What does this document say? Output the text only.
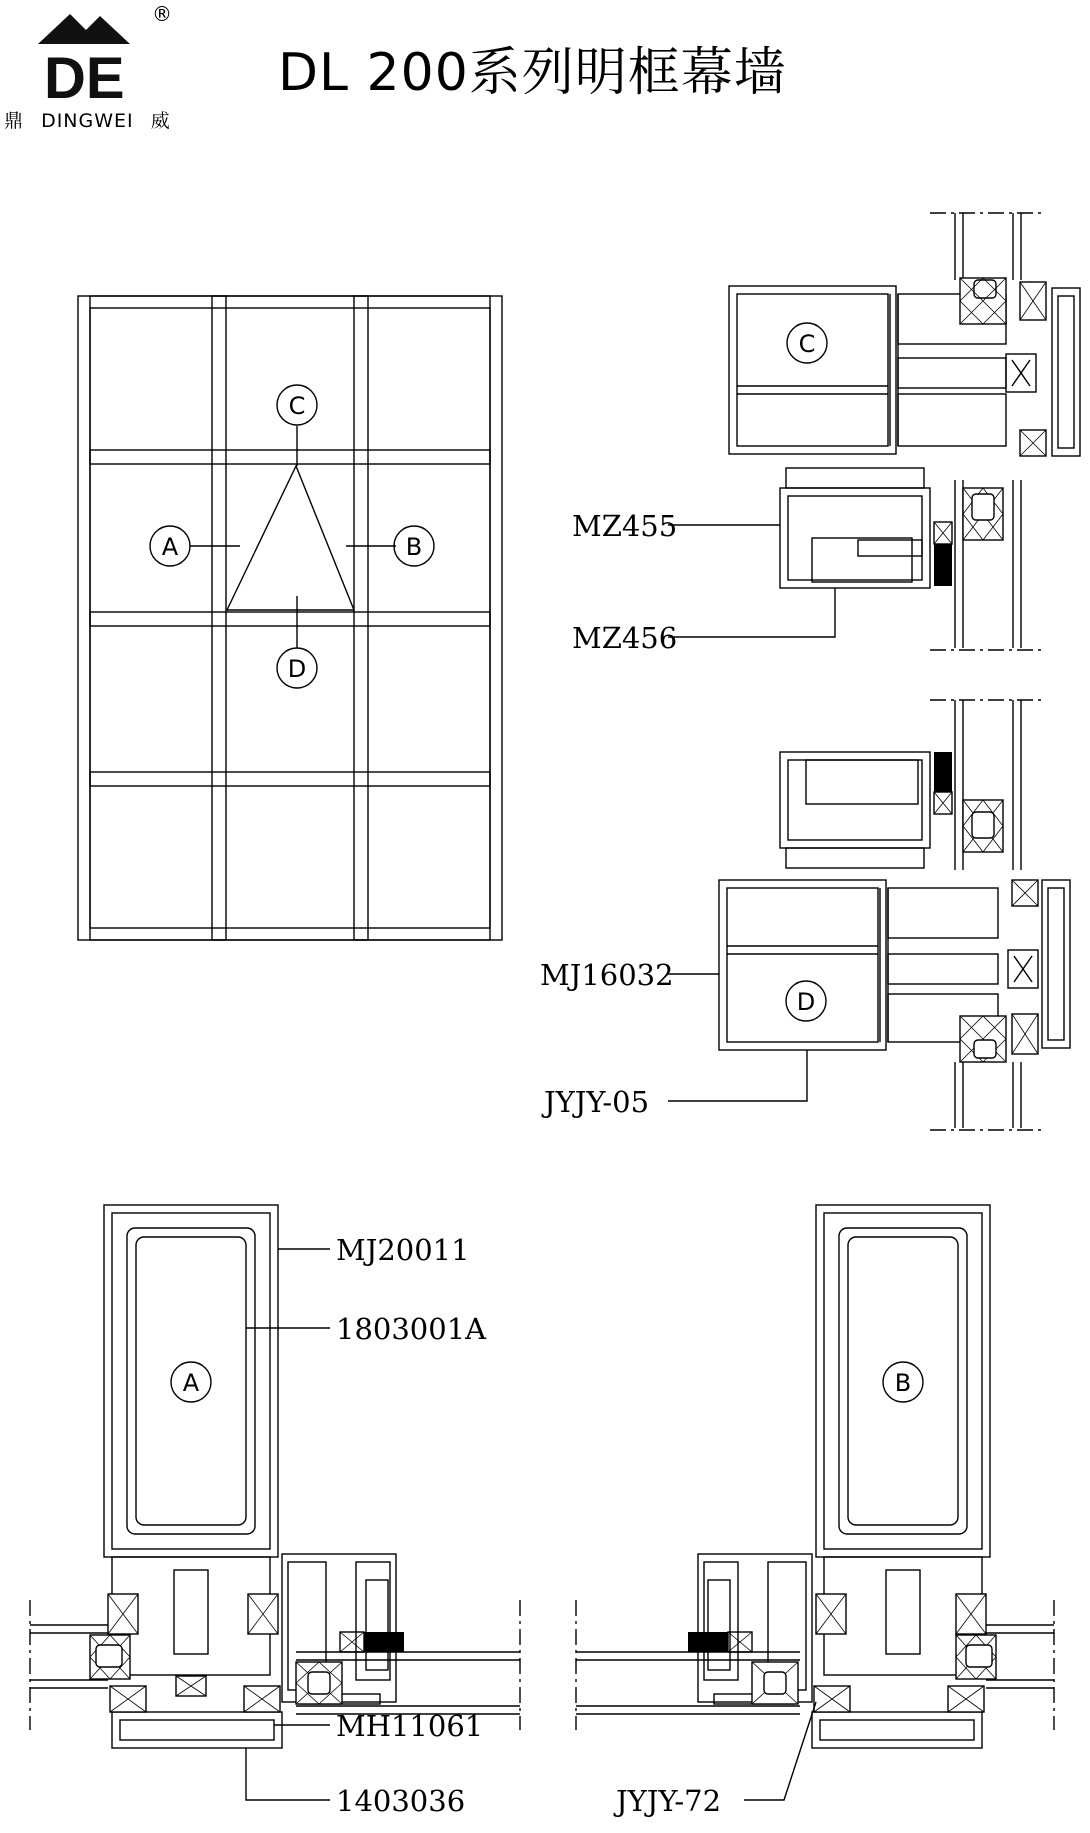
DE
®
鼎 DINGWEI 威
DL 200系列明框幕墙
C
A	B
D
C
MZ455
MZ456
D
MJ16032
JYJY-05
A
MJ20011
1803001A
MH11061
1403036
B
JYJY-72
